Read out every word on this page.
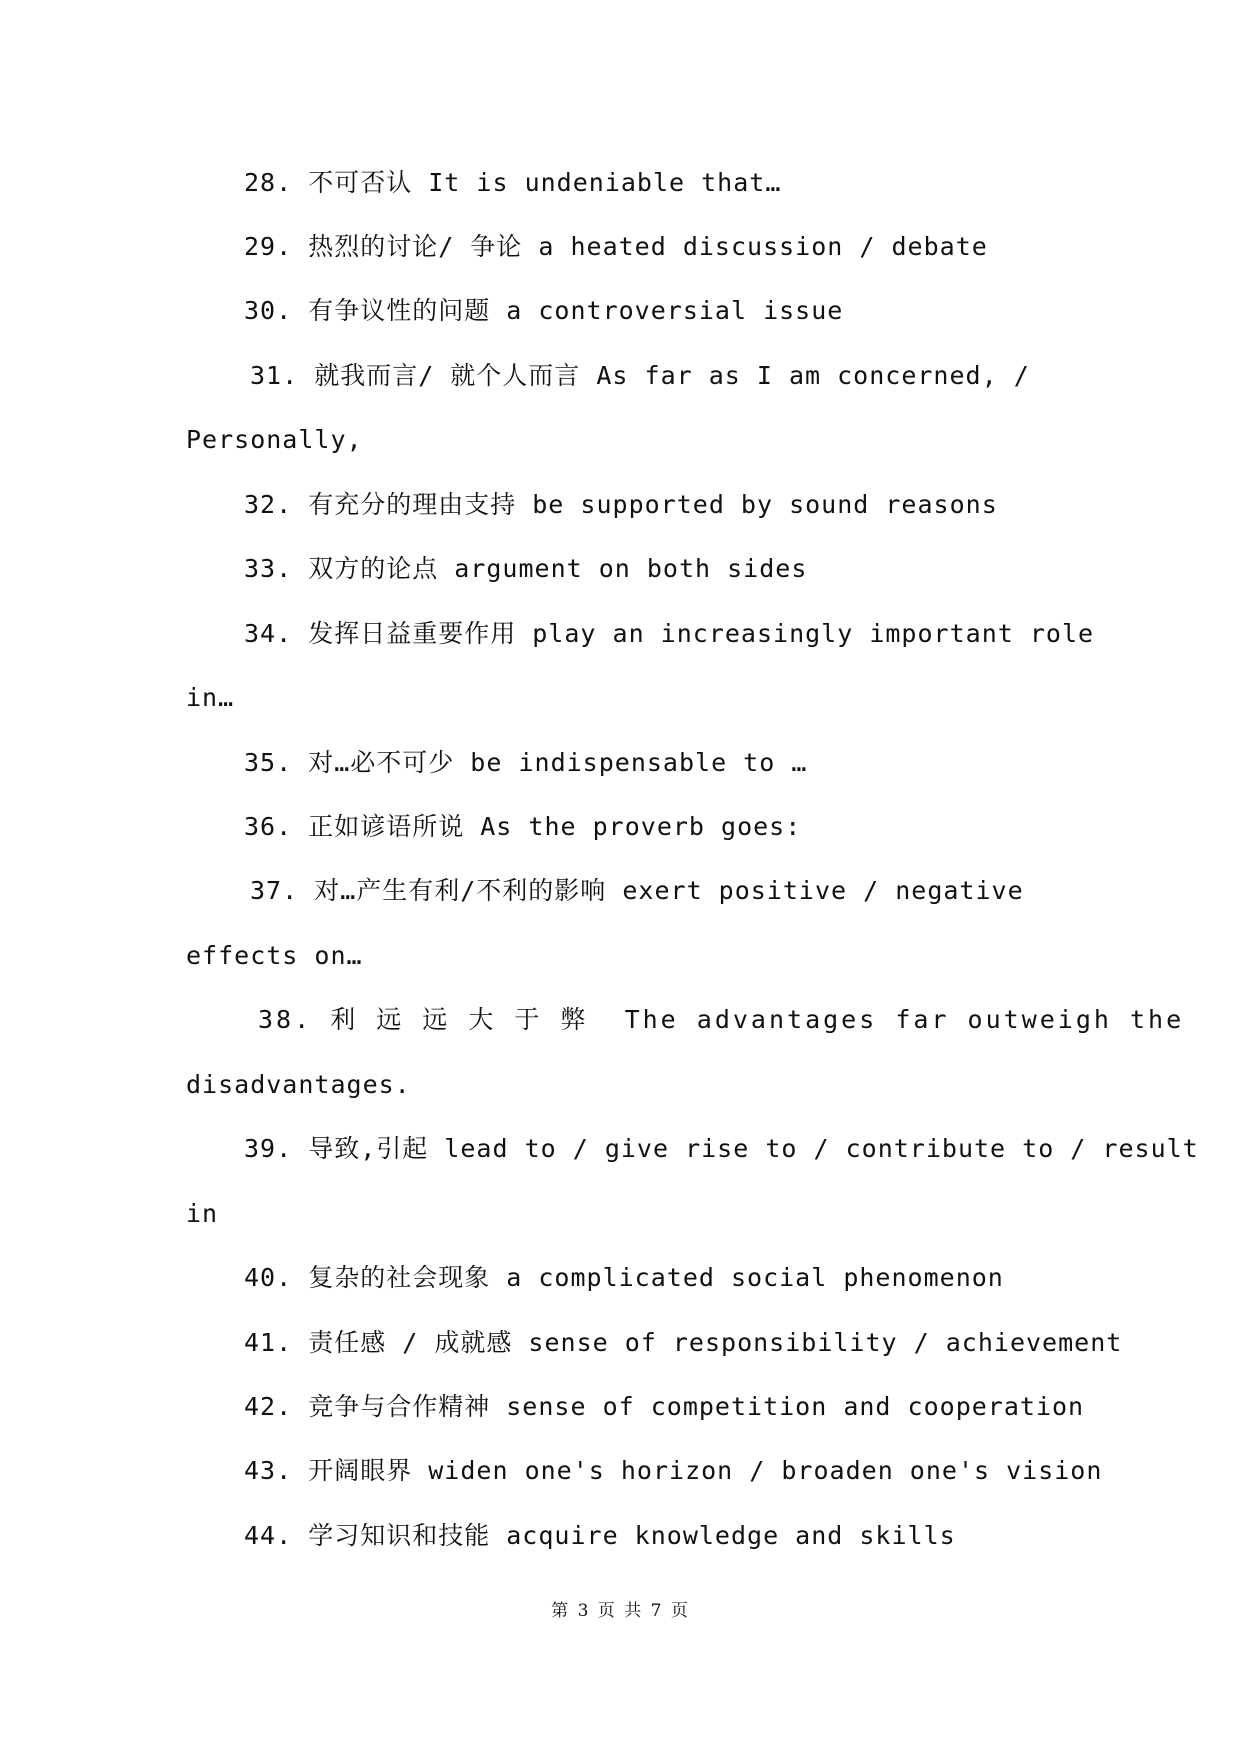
28. 不可否认 It is undeniable that…
29. 热烈的讨论/ 争论 a heated discussion / debate
30. 有争议性的问题 a controversial issue
31. 就我而言/ 就个人而言 As far as I am concerned, /
Personally,
32. 有充分的理由支持 be supported by sound reasons
33. 双方的论点 argument on both sides
34. 发挥日益重要作用 play an increasingly important role
in…
35. 对…必不可少 be indispensable to …
36. 正如谚语所说 As the proverb goes:
37. 对…产生有利/不利的影响 exert positive / negative
effects on…
38. 利 远 远 大 于 弊  The advantages far outweigh the
disadvantages.
39. 导致,引起 lead to / give rise to / contribute to / result
in
40. 复杂的社会现象 a complicated social phenomenon
41. 责任感 / 成就感 sense of responsibility / achievement
42. 竞争与合作精神 sense of competition and cooperation
43. 开阔眼界 widen one's horizon / broaden one's vision
44. 学习知识和技能 acquire knowledge and skills
第 3 页 共 7 页
